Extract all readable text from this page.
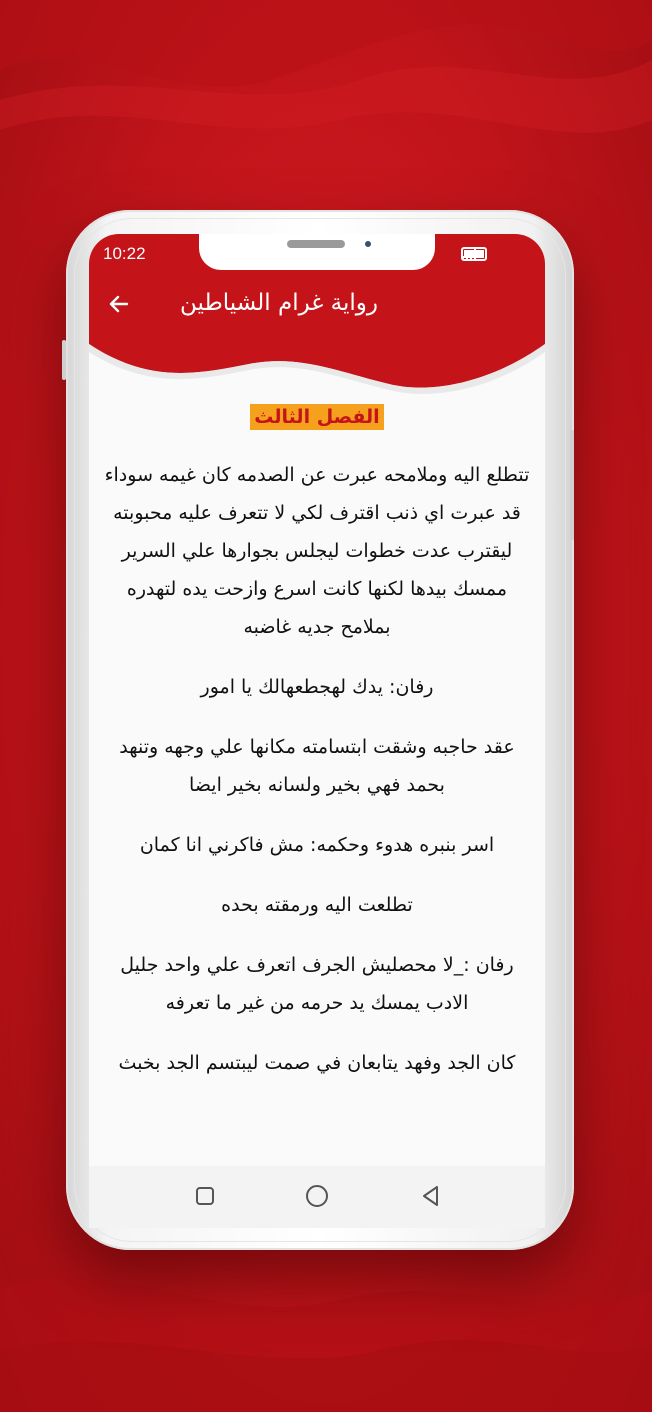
10:22
رواية غرام الشياطين
الفصل الثالث

تتطلع اليه وملامحه عبرت عن الصدمه كان غيمه سوداء قد عبرت اي ذنب اقترف لكي لا تتعرف عليه محبوبته ليقترب عدت خطوات ليجلس بجوارها علي السرير ممسك بيدها لكنها كانت اسرع وازحت يده لتهدره بملامح جديه غاضبه

رفان: يدك لهجطعهالك يا امور

عقد حاجبه وشقت ابتسامته مكانها علي وجهه وتنهد بحمد فهي بخير ولسانه بخير ايضا

اسر بنبره هدوء وحكمه: مش فاكرني انا كمان

تطلعت اليه ورمقته بحده

رفان :_لا محصليش الجرف اتعرف علي واحد جليل الادب يمسك يد حرمه من غير ما تعرفه

كان الجد وفهد يتابعان في صمت ليبتسم الجد بخبث
